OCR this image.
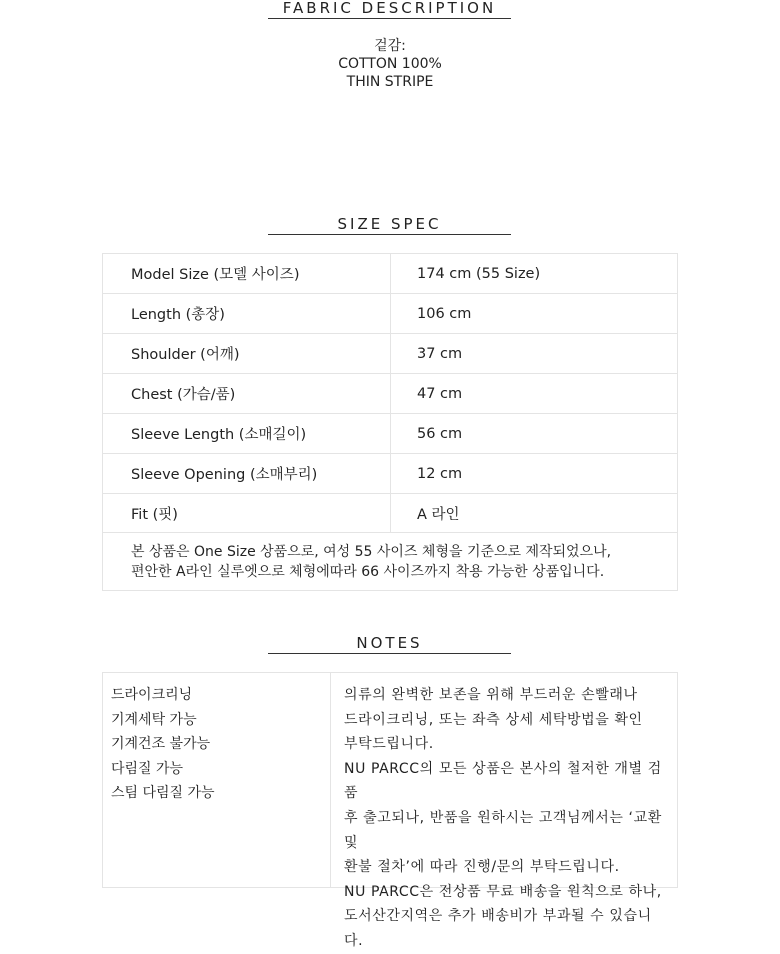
FABRIC DESCRIPTION
겉감:
COTTON 100%
THIN STRIPE
SIZE SPEC
Model Size (모델 사이즈)	174 cm (55 Size)
Length (총장)	106 cm
Shoulder (어깨)	37 cm
Chest (가슴/품)	47 cm
Sleeve Length (소매길이)	56 cm
Sleeve Opening (소매부리)	12 cm
Fit (핏)	A 라인
본 상품은 One Size 상품으로, 여성 55 사이즈 체형을 기준으로 제작되었으나,
편안한 A라인 실루엣으로 체형에따라 66 사이즈까지 착용 가능한 상품입니다.
NOTES
드라이크리닝
기계세탁 가능
기계건조 불가능
다림질 가능
스팀 다림질 가능

의류의 완벽한 보존을 위해 부드러운 손빨래나

드라이크리닝, 또는 좌측 상세 세탁방법을 확인

부탁드립니다.

NU PARCC의 모든 상품은 본사의 철저한 개별 검품

후 출고되나, 반품을 원하시는 고객님께서는 ‘교환 및

환불 절차’에 따라 진행/문의 부탁드립니다.

NU PARCC은 전상품 무료 배송을 원칙으로 하나,

도서산간지역은 추가 배송비가 부과될 수 있습니다.
